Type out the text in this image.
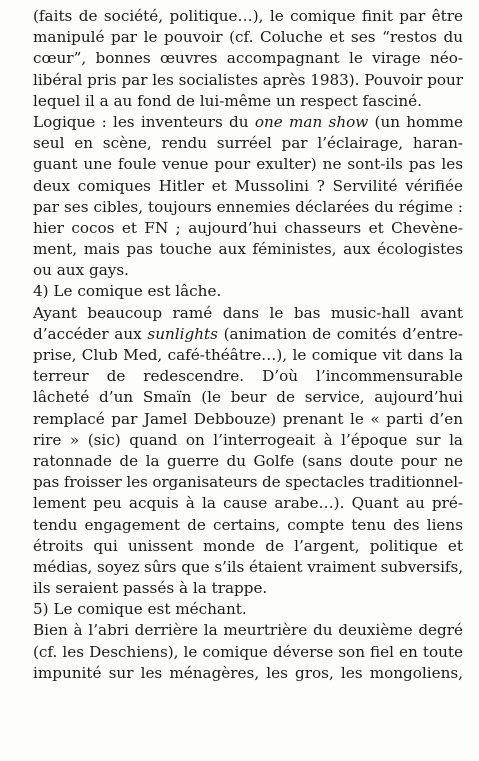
(faits de société, politique…), le comique finit par être
manipulé par le pouvoir (cf. Coluche et ses “restos du
cœur”, bonnes œuvres accompagnant le virage néo-
libéral pris par les socialistes après 1983). Pouvoir pour
lequel il a au fond de lui-même un respect fasciné.
Logique : les inventeurs du one man show (un homme
seul en scène, rendu surréel par l’éclairage, haran-
guant une foule venue pour exulter) ne sont-ils pas les
deux comiques Hitler et Mussolini ? Servilité vérifiée
par ses cibles, toujours ennemies déclarées du régime :
hier cocos et FN ; aujourd’hui chasseurs et Chevène-
ment, mais pas touche aux féministes, aux écologistes
ou aux gays.
4) Le comique est lâche.
Ayant beaucoup ramé dans le bas music-hall avant
d’accéder aux sunlights (animation de comités d’entre-
prise, Club Med, café-théâtre…), le comique vit dans la
terreur de redescendre. D’où l’incommensurable
lâcheté d’un Smaïn (le beur de service, aujourd’hui
remplacé par Jamel Debbouze) prenant le « parti d’en
rire » (sic) quand on l’interrogeait à l’époque sur la
ratonnade de la guerre du Golfe (sans doute pour ne
pas froisser les organisateurs de spectacles traditionnel-
lement peu acquis à la cause arabe…). Quant au pré-
tendu engagement de certains, compte tenu des liens
étroits qui unissent monde de l’argent, politique et
médias, soyez sûrs que s’ils étaient vraiment subversifs,
ils seraient passés à la trappe.
5) Le comique est méchant.
Bien à l’abri derrière la meurtrière du deuxième degré
(cf. les Deschiens), le comique déverse son fiel en toute
impunité sur les ménagères, les gros, les mongoliens,
